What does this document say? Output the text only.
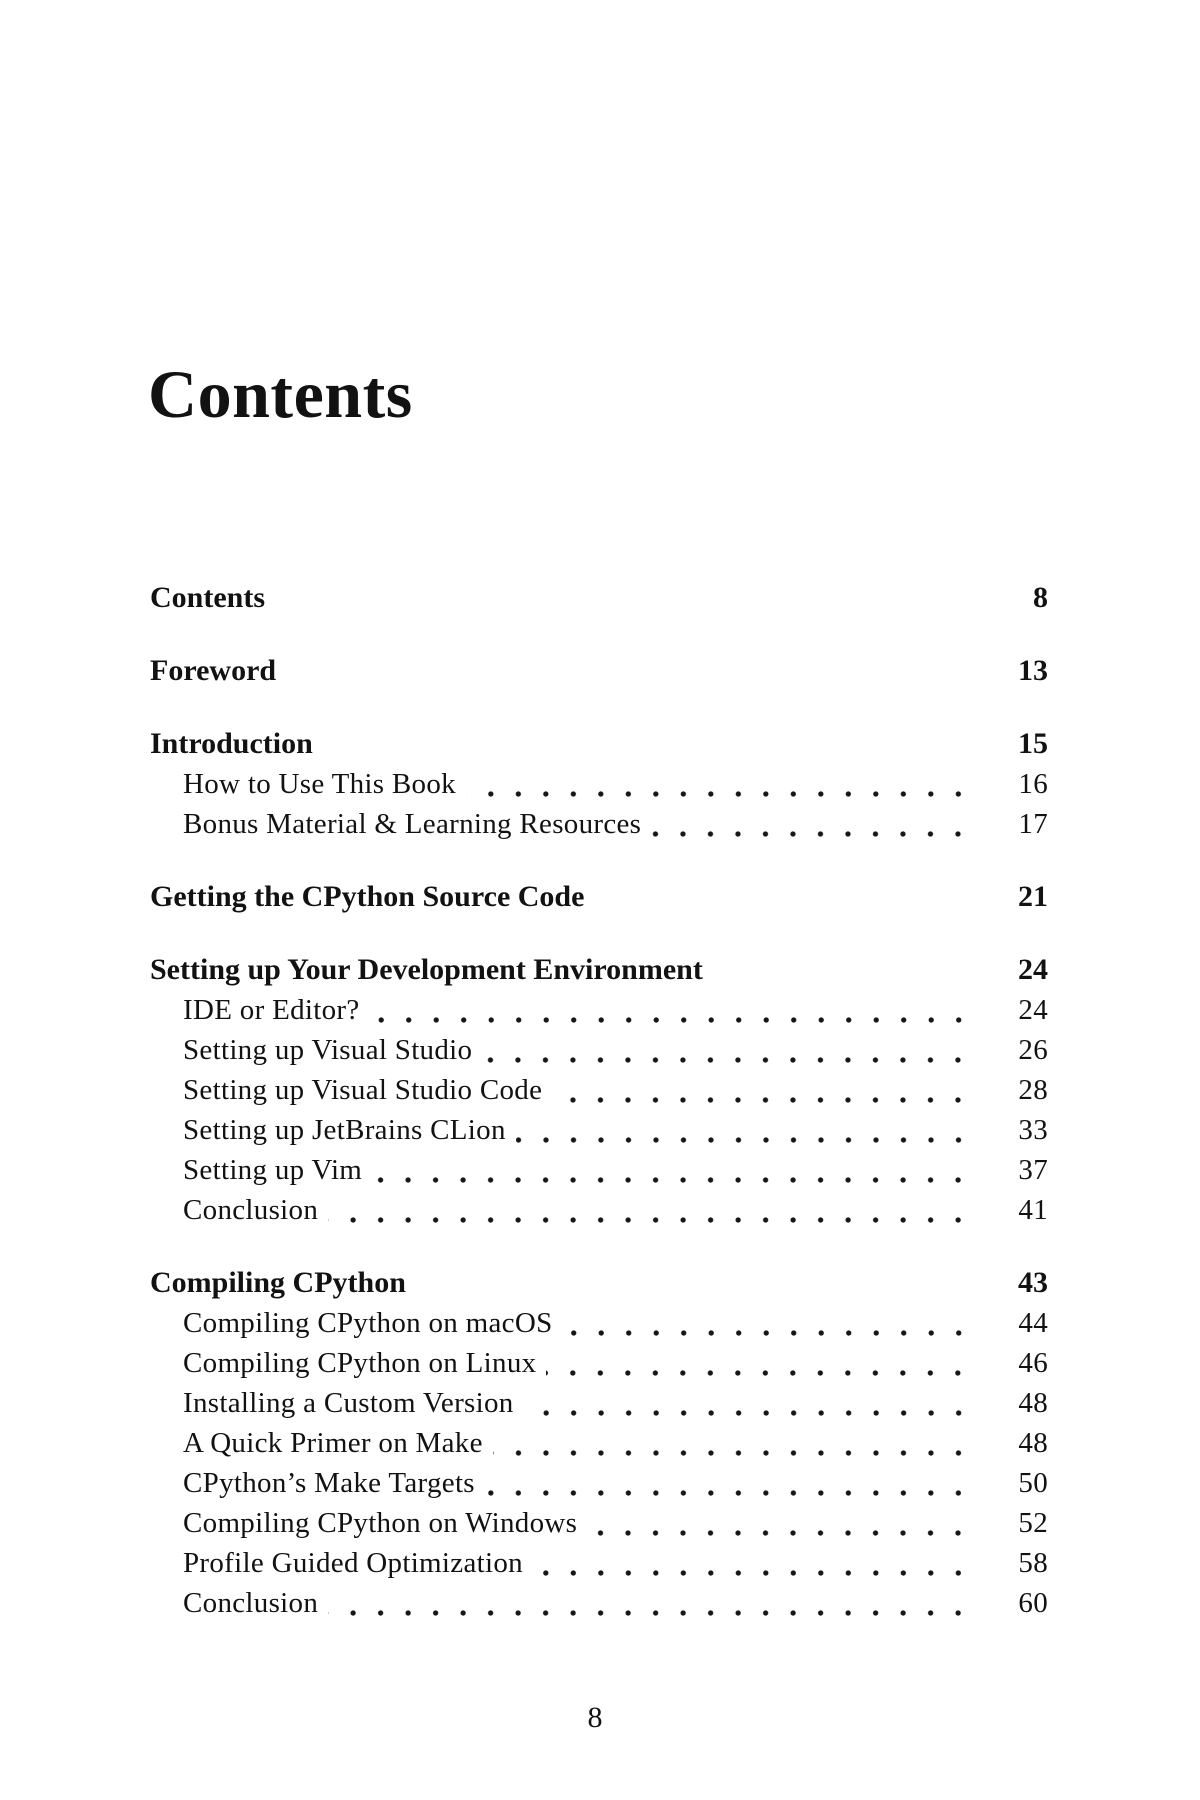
Contents
Contents	8
Foreword	13
Introduction	15
How to Use This Book	16
Bonus Material & Learning Resources	17
Getting the CPython Source Code	21
Setting up Your Development Environment	24
IDE or Editor?	24
Setting up Visual Studio	26
Setting up Visual Studio Code	28
Setting up JetBrains CLion	33
Setting up Vim	37
Conclusion	41
Compiling CPython	43
Compiling CPython on macOS	44
Compiling CPython on Linux	46
Installing a Custom Version	48
A Quick Primer on Make	48
CPython’s Make Targets	50
Compiling CPython on Windows	52
Profile Guided Optimization	58
Conclusion	60
8
